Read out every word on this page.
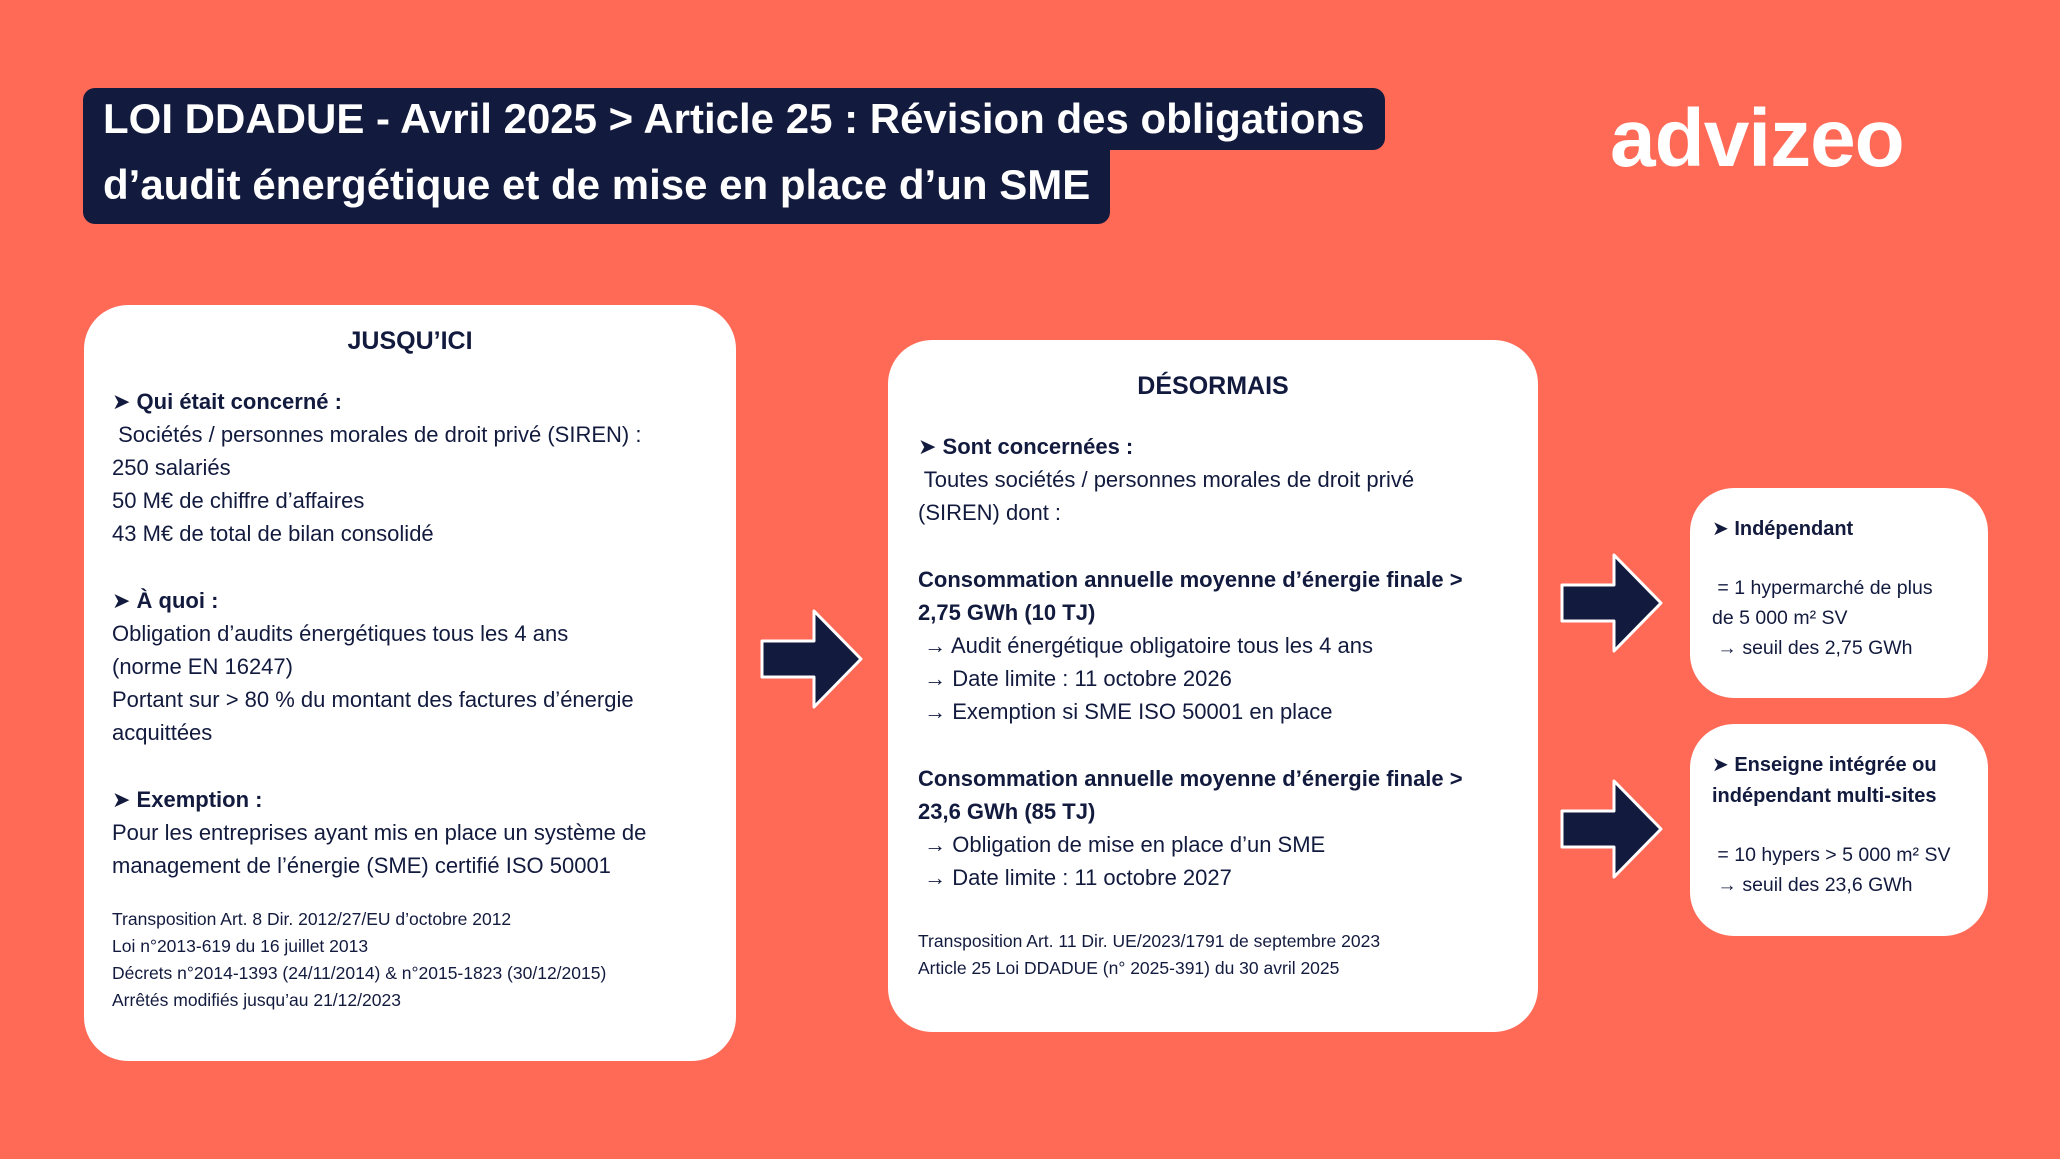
LOI DDADUE - Avril 2025 > Article 25 : Révision des obligations
d’audit énergétique et de mise en place d’un SME
advizeo
JUSQU’ICI
➤ Qui était concerné :
Sociétés / personnes morales de droit privé (SIREN) :
250 salariés
50 M€ de chiffre d’affaires
43 M€ de total de bilan consolidé
➤ À quoi :
Obligation d’audits énergétiques tous les 4 ans
(norme EN 16247)
Portant sur > 80 % du montant des factures d’énergie
acquittées
➤ Exemption :
Pour les entreprises ayant mis en place un système de
management de l’énergie (SME) certifié ISO 50001
Transposition Art. 8 Dir. 2012/27/EU d’octobre 2012
Loi n°2013-619 du 16 juillet 2013
Décrets n°2014-1393 (24/11/2014) & n°2015-1823 (30/12/2015)
Arrêtés modifiés jusqu’au 21/12/2023
DÉSORMAIS
➤ Sont concernées :
Toutes sociétés / personnes morales de droit privé
(SIREN) dont :
Consommation annuelle moyenne d’énergie finale >
2,75 GWh (10 TJ)
→ Audit énergétique obligatoire tous les 4 ans
→ Date limite : 11 octobre 2026
→ Exemption si SME ISO 50001 en place
Consommation annuelle moyenne d’énergie finale >
23,6 GWh (85 TJ)
→ Obligation de mise en place d’un SME
→ Date limite : 11 octobre 2027
Transposition Art. 11 Dir. UE/2023/1791 de septembre 2023
Article 25 Loi DDADUE (n° 2025-391) du 30 avril 2025
➤ Indépendant
= 1 hypermarché de plus
de 5 000 m² SV
→ seuil des 2,75 GWh
➤ Enseigne intégrée ou
indépendant multi-sites
= 10 hypers > 5 000 m² SV
→ seuil des 23,6 GWh
